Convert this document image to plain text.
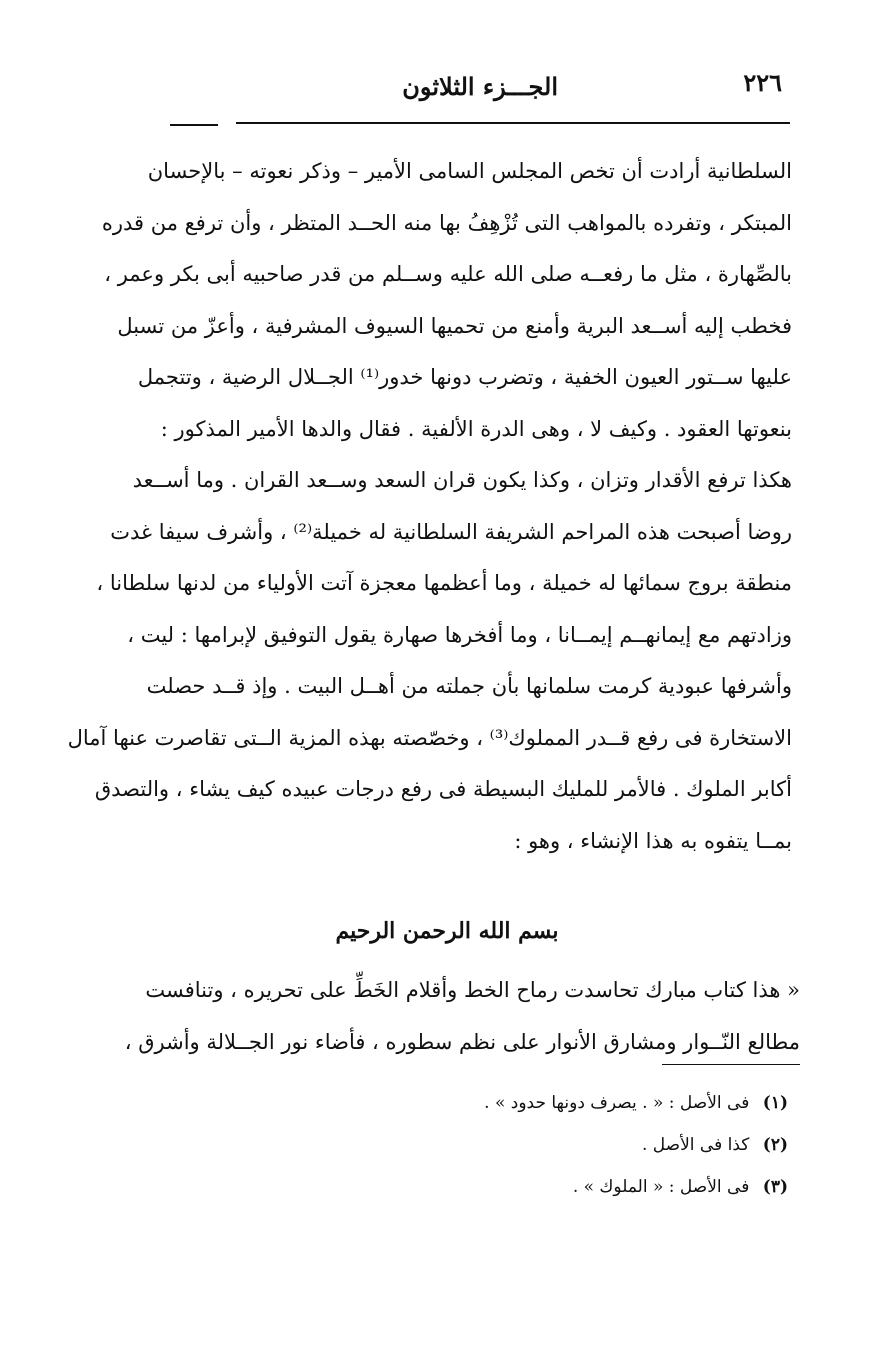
٢٢٦
الجـــزء الثلاثون
السلطانية أرادت أن تخص المجلس السامى الأمير – وذكر نعوته – بالإحسان
المبتكر ، وتفرده بالمواهب التى تُزْهِفُ بها منه الحــد المتظر ، وأن ترفع من قدره
بالصِّهارة ، مثل ما رفعــه صلى الله عليه وســلم من قدر صاحبيه أبى بكر وعمر ،
فخطب إليه أســعد البرية وأمنع من تحميها السيوف المشرفية ، وأعزّ من تسبل
عليها ســتور العيون الخفية ، وتضرب دونها خدور⁽¹⁾ الجــلال الرضية ، وتتجمل
بنعوتها العقود . وكيف لا ، وهى الدرة الألفية . فقال والدها الأمير المذكور :
هكذا ترفع الأقدار وتزان ، وكذا يكون قران السعد وســعد القران . وما أســعد
روضا أصبحت هذه المراحم الشريفة السلطانية له خميلة⁽²⁾ ، وأشرف سيفا غدت
منطقة بروج سمائها له خميلة ، وما أعظمها معجزة آتت الأولياء من لدنها سلطانا ،
وزادتهم مع إيمانهــم إيمــانا ، وما أفخرها صهارة يقول التوفيق لإبرامها : ليت ،
وأشرفها عبودية كرمت سلمانها بأن جملته من أهــل البيت . وإذ قــد حصلت
الاستخارة فى رفع قــدر المملوك⁽³⁾ ، وخصّصته بهذه المزية الــتى تقاصرت عنها آمال
أكابر الملوك . فالأمر للمليك البسيطة فى رفع درجات عبيده كيف يشاء ، والتصدق
بمــا يتفوه به هذا الإنشاء ، وهو :
بسم الله الرحمن الرحيم
« هذا كتاب مبارك تحاسدت رماح الخط وأقلام الخَطِّ على تحريره ، وتنافست
مطالع النّــوار ومشارق الأنوار على نظم سطوره ، فأضاء نور الجــلالة وأشرق ،
(١) فى الأصل : « . يصرف دونها حدود » .
(٢) كذا فى الأصل .
(٣) فى الأصل : « الملوك » .
